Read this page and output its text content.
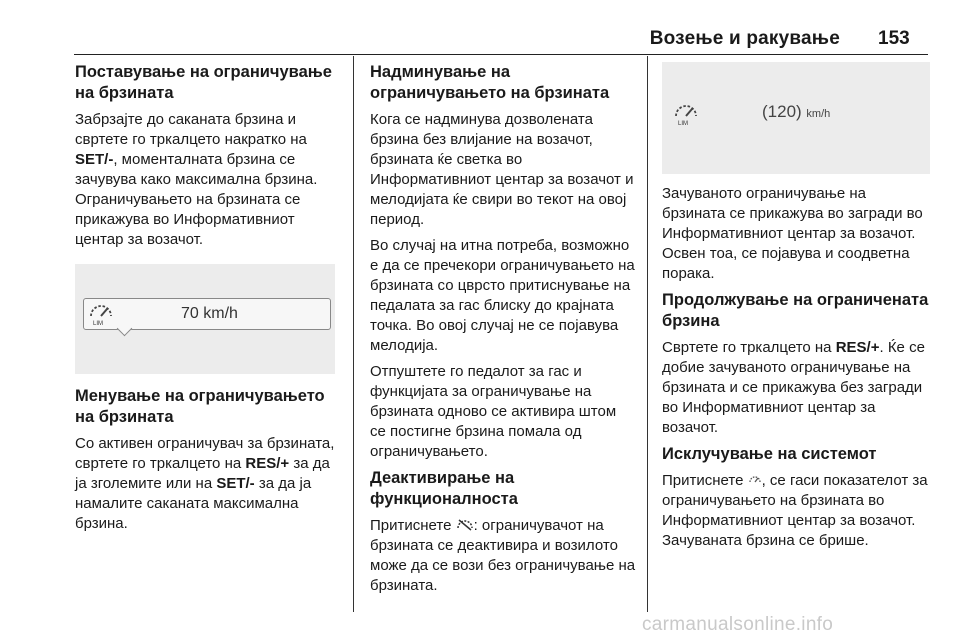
Возење и ракување 153
Поставување на ограничување на брзината

Забрзајте до саканата брзина и свртете го тркалцето накратко на SET/-, моменталната брзина се зачувува како максимална брзина. Ограничувањето на брзината се прикажува во Информативниот центар за возачот.

LIM
70 km/h
Менување на ограничувањето на брзината

Со активен ограничувач за брзината, свртете го тркалцето на RES/+ за да ја зголемите или на SET/- за да ја намалите саканата максимална брзина.

Надминување на ограничувањето на брзината

Кога се надминува дозволената брзина без влијание на возачот, брзината ќе светка во Информативниот центар за возачот и мелодијата ќе свири во текот на овој период.

Во случај на итна потреба, возможно е да се пречекори ограничувањето на брзината со цврсто притиснување на педалата за гас блиску до крајната точка. Во овој случај не се појавува мелодија.

Отпуштете го педалот за гас и функцијата за ограничување на брзината одново се активира штом се постигне брзина помала од ограничувањето.

Деактивирање на функционалноста

Притиснете : ограничувачот на брзината се деактивира и возилото може да се вози без ограничување на брзината.

LIM
(120) km/h

Зачуваното ограничување на брзината се прикажува во загради во Информативниот центар за возачот. Освен тоа, се појавува и соодветна порака.

Продолжување на ограничената брзина

Свртете го тркалцето на RES/+. Ќе се добие зачуваното ограничување на брзината и се прикажува без загради во Информативниот центар за возачот.

Исклучување на системот

Притиснете , се гаси показателот за ограничувањето на брзината во Информативниот центар за возачот. Зачуваната брзина се брише.

carmanualsonline.info
